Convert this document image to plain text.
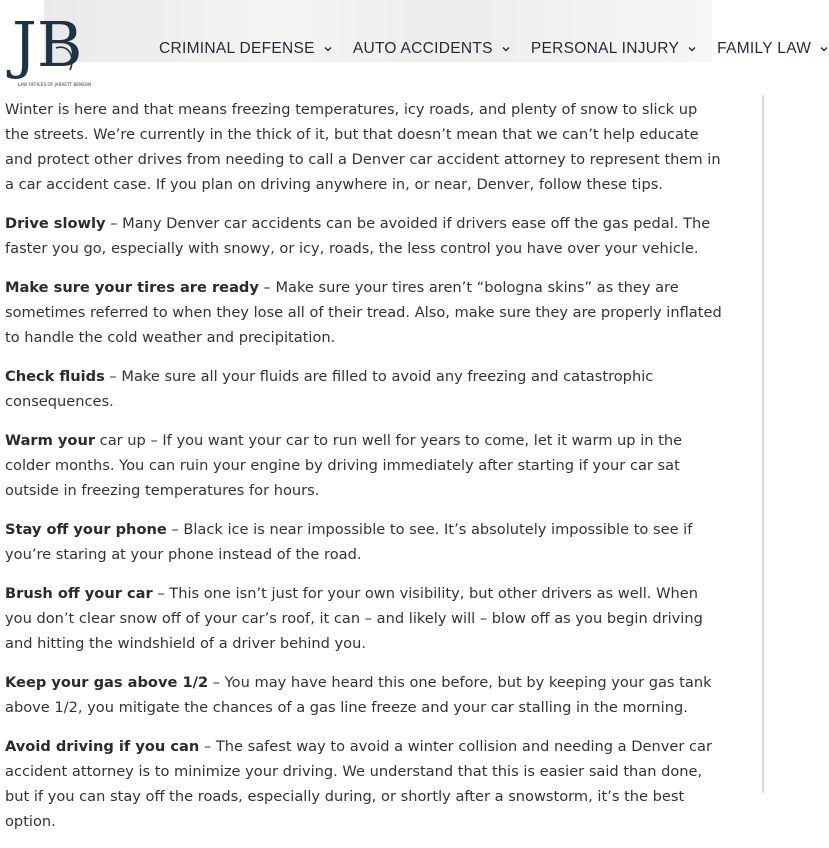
JB
LAW OFFICES OF JARRETT BENSON
CRIMINAL DEFENSE AUTO ACCIDENTS PERSONAL INJURY FAMILY LAW

Winter is here and that means freezing temperatures, icy roads, and plenty of snow to slick up the streets. We’re currently in the thick of it, but that doesn’t mean that we can’t help educate and protect other drives from needing to call a Denver car accident attorney to represent them in a car accident case. If you plan on driving anywhere in, or near, Denver, follow these tips.

Drive slowly – Many Denver car accidents can be avoided if drivers ease off the gas pedal. The faster you go, especially with snowy, or icy, roads, the less control you have over your vehicle.

Make sure your tires are ready – Make sure your tires aren’t “bologna skins” as they are sometimes referred to when they lose all of their tread. Also, make sure they are properly inflated to handle the cold weather and precipitation.

Check fluids – Make sure all your fluids are filled to avoid any freezing and catastrophic consequences.

Warm your car up – If you want your car to run well for years to come, let it warm up in the colder months. You can ruin your engine by driving immediately after starting if your car sat outside in freezing temperatures for hours.

Stay off your phone – Black ice is near impossible to see. It’s absolutely impossible to see if you’re staring at your phone instead of the road.

Brush off your car – This one isn’t just for your own visibility, but other drivers as well. When you don’t clear snow off of your car’s roof, it can – and likely will – blow off as you begin driving and hitting the windshield of a driver behind you.

Keep your gas above 1/2 – You may have heard this one before, but by keeping your gas tank above 1/2, you mitigate the chances of a gas line freeze and your car stalling in the morning.

Avoid driving if you can – The safest way to avoid a winter collision and needing a Denver car accident attorney is to minimize your driving. We understand that this is easier said than done, but if you can stay off the roads, especially during, or shortly after a snowstorm, it’s the best option.
